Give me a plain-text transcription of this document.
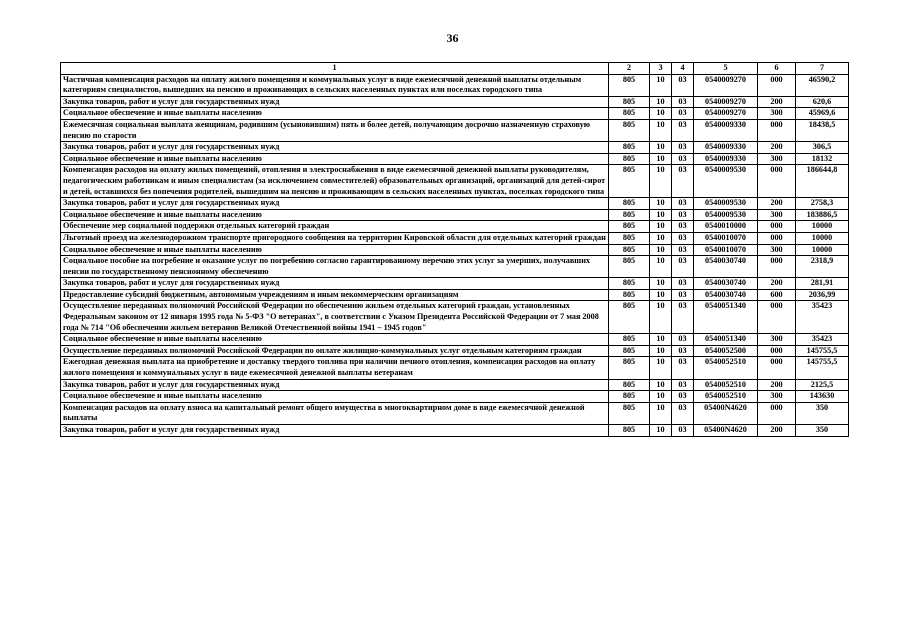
36
1	2	3	4	5	6	7
Частичная компенсация расходов на оплату жилого помещения и коммунальных услуг в виде ежемесячной денежной выплаты отдельным категориям специалистов, вышедших на пенсию и проживающих в сельских населенных пунктах или поселках городского типа	805	10	03	0540009270	000	46590,2
Закупка товаров, работ и услуг для государственных нужд	805	10	03	0540009270	200	620,6
Социальное обеспечение и иные выплаты населению	805	10	03	0540009270	300	45969,6
Ежемесячная социальная выплата женщинам, родившим (усыновившим) пять и более детей, получающим досрочно назначенную страховую пенсию по старости	805	10	03	0540009330	000	18438,5
Закупка товаров, работ и услуг для государственных нужд	805	10	03	0540009330	200	306,5
Социальное обеспечение и иные выплаты населению	805	10	03	0540009330	300	18132
Компенсация расходов на оплату жилых помещений, отопления и электроснабжения в виде ежемесячной денежной выплаты руководителям, педагогическим работникам и иным специалистам (за исключением совместителей) образовательных организаций, организаций для детей-сирот и детей, оставшихся без попечения родителей, вышедшим на пенсию и проживающим в сельских населенных пунктах, поселках городского типа	805	10	03	0540009530	000	186644,8
Закупка товаров, работ и услуг для государственных нужд	805	10	03	0540009530	200	2758,3
Социальное обеспечение и иные выплаты населению	805	10	03	0540009530	300	183886,5
Обеспечение мер социальной поддержки отдельных категорий граждан	805	10	03	0540010000	000	10000
Льготный проезд на железнодорожном транспорте пригородного сообщения на территории Кировской области для отдельных категорий граждан	805	10	03	0540010070	000	10000
Социальное обеспечение и иные выплаты населению	805	10	03	0540010070	300	10000
Социальное пособие на погребение и оказание услуг по погребению согласно гарантированному перечню этих услуг за умерших, получавших пенсии по государственному пенсионному обеспечению	805	10	03	0540030740	000	2318,9
Закупка товаров, работ и услуг для государственных нужд	805	10	03	0540030740	200	281,91
Предоставление субсидий бюджетным, автономным учреждениям и иным некоммерческим организациям	805	10	03	0540030740	600	2036,99
Осуществление переданных полномочий Российской Федерации по обеспечению жильем отдельных категорий граждан, установленных Федеральным законом от 12 января 1995 года № 5-ФЗ "О ветеранах", в соответствии с Указом Президента Российской Федерации от 7 мая 2008 года № 714 "Об обеспечении жильем ветеранов Великой Отечественной войны 1941 – 1945 годов"	805	10	03	0540051340	000	35423
Социальное обеспечение и иные выплаты населению	805	10	03	0540051340	300	35423
Осуществление переданных полномочий Российской Федерации по оплате жилищно-коммунальных услуг отдельным категориям граждан	805	10	03	0540052500	000	145755,5
Ежегодная денежная выплата на приобретение и доставку твердого топлива при наличии печного отопления, компенсация расходов на оплату жилого помещения и коммунальных услуг в виде ежемесячной денежной выплаты ветеранам	805	10	03	0540052510	000	145755,5
Закупка товаров, работ и услуг для государственных нужд	805	10	03	0540052510	200	2125,5
Социальное обеспечение и иные выплаты населению	805	10	03	0540052510	300	143630
Компенсация расходов на оплату взноса на капитальный ремонт общего имущества в многоквартирном доме в виде ежемесячной денежной выплаты	805	10	03	05400N4620	000	350
Закупка товаров, работ и услуг для государственных нужд	805	10	03	05400N4620	200	350
